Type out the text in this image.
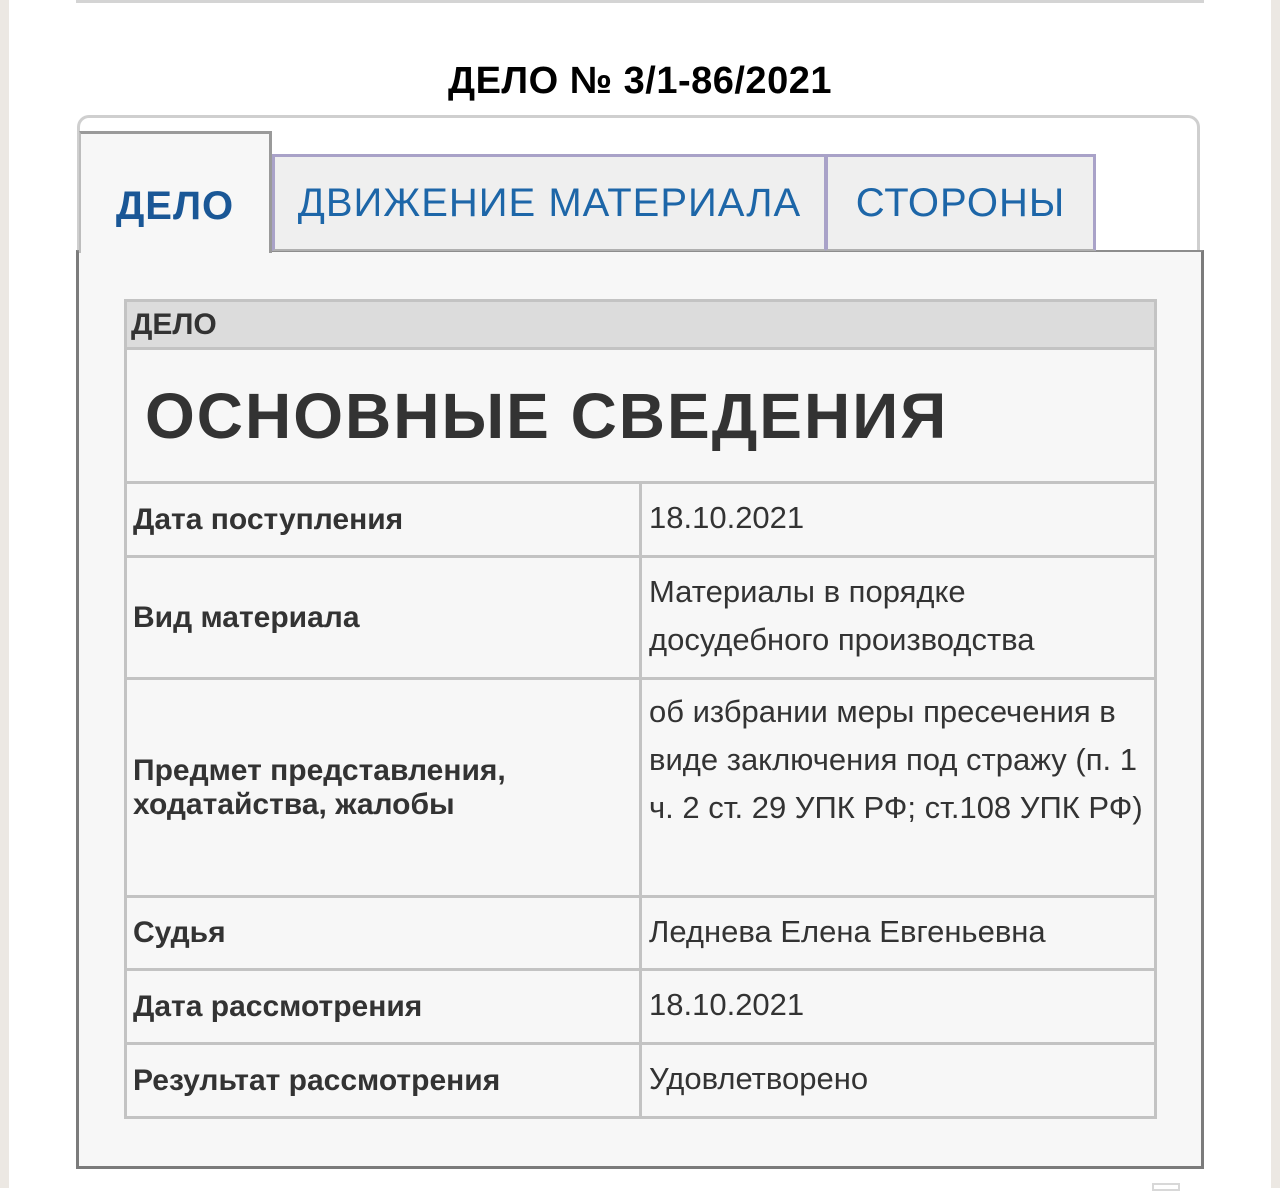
ДЕЛО № 3/1-86/2021
ДЕЛО	ДВИЖЕНИЕ МАТЕРИАЛА	СТОРОНЫ
ДЕЛО	
ОСНОВНЫЕ СВЕДЕНИЯ	
Дата поступления	18.10.2021
Вид материала	Материалы в порядке досудебного производства
Предмет представления, ходатайства, жалобы	об избрании меры пресечения в виде заключения под стражу (п. 1 ч. 2 ст. 29 УПК РФ; ст.108 УПК РФ)
Судья	Леднева Елена Евгеньевна
Дата рассмотрения	18.10.2021
Результат рассмотрения	Удовлетворено
